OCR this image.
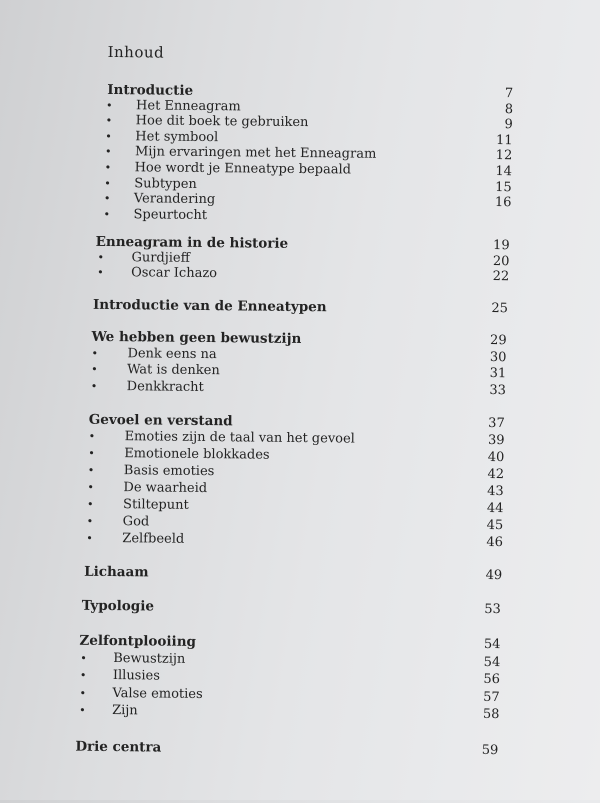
Inhoud
Introductie	7
• Het Enneagram	8
• Hoe dit boek te gebruiken	9
• Het symbool	11
• Mijn ervaringen met het Enneagram	12
• Hoe wordt je Enneatype bepaald	14
• Subtypen	15
• Verandering	16
• Speurtocht
Enneagram in de historie	19
• Gurdjieff	20
• Oscar Ichazo	22
Introductie van de Enneatypen	25
We hebben geen bewustzijn	29
• Denk eens na	30
• Wat is denken	31
• Denkkracht	33
Gevoel en verstand	37
• Emoties zijn de taal van het gevoel	39
• Emotionele blokkades	40
• Basis emoties	42
• De waarheid	43
• Stiltepunt	44
• God	45
• Zelfbeeld	46
Lichaam	49
Typologie	53
Zelfontplooiing	54
• Bewustzijn	54
• Illusies	56
• Valse emoties	57
• Zijn	58
Drie centra	59
